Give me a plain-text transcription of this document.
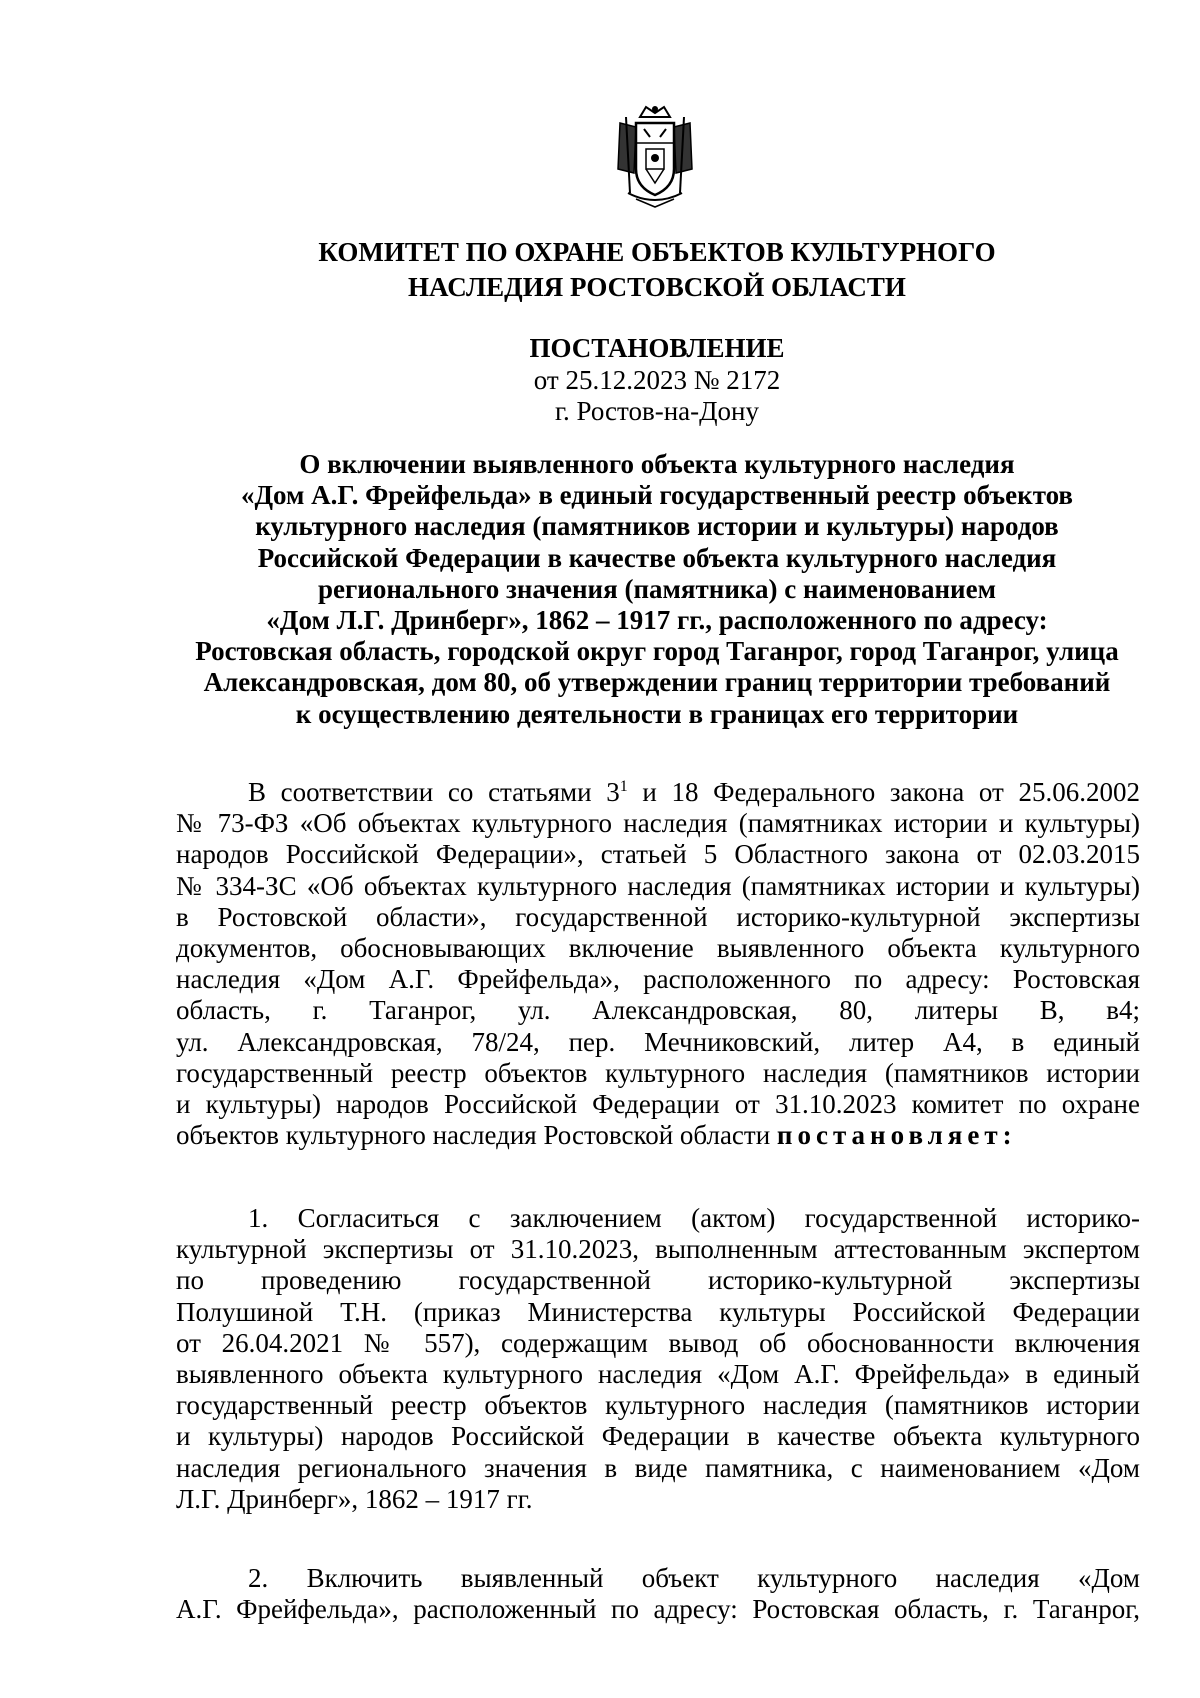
КОМИТЕТ ПО ОХРАНЕ ОБЪЕКТОВ КУЛЬТУРНОГО
НАСЛЕДИЯ РОСТОВСКОЙ ОБЛАСТИ
ПОСТАНОВЛЕНИЕ
от 25.12.2023 № 2172
г. Ростов-на-Дону
О включении выявленного объекта культурного наследия
«Дом А.Г. Фрейфельда» в единый государственный реестр объектов
культурного наследия (памятников истории и культуры) народов
Российской Федерации в качестве объекта культурного наследия
регионального значения (памятника) с наименованием
«Дом Л.Г. Дринберг», 1862 – 1917 гг., расположенного по адресу:
Ростовская область, городской округ город Таганрог, город Таганрог, улица
Александровская, дом 80, об утверждении границ территории требований
к осуществлению деятельности в границах его территории
В соответствии со статьями $3^1$ и 18 Федерального закона от 25.06.2002
№ 73-ФЗ «Об объектах культурного наследия (памятниках истории и культуры)
народов Российской Федерации», статьей 5 Областного закона от 02.03.2015
№ 334-ЗС «Об объектах культурного наследия (памятниках истории и культуры)
в Ростовской области», государственной историко-культурной экспертизы
документов, обосновывающих включение выявленного объекта культурного
наследия «Дом А.Г. Фрейфельда», расположенного по адресу: Ростовская
область, г. Таганрог, ул. Александровская, 80, литеры В, в4;
ул. Александровская, 78/24, пер. Мечниковский, литер А4, в единый
государственный реестр объектов культурного наследия (памятников истории
и культуры) народов Российской Федерации от 31.10.2023 комитет по охране
объектов культурного наследия Ростовской области постановляет:
1. Согласиться с заключением (актом) государственной историко-
культурной экспертизы от 31.10.2023, выполненным аттестованным экспертом
по проведению государственной историко-культурной экспертизы
Полушиной Т.Н. (приказ Министерства культуры Российской Федерации
от 26.04.2021 № 557), содержащим вывод об обоснованности включения
выявленного объекта культурного наследия «Дом А.Г. Фрейфельда» в единый
государственный реестр объектов культурного наследия (памятников истории
и культуры) народов Российской Федерации в качестве объекта культурного
наследия регионального значения в виде памятника, с наименованием «Дом
Л.Г. Дринберг», 1862 – 1917 гг.
2. Включить выявленный объект культурного наследия «Дом
А.Г. Фрейфельда», расположенный по адресу: Ростовская область, г. Таганрог,
